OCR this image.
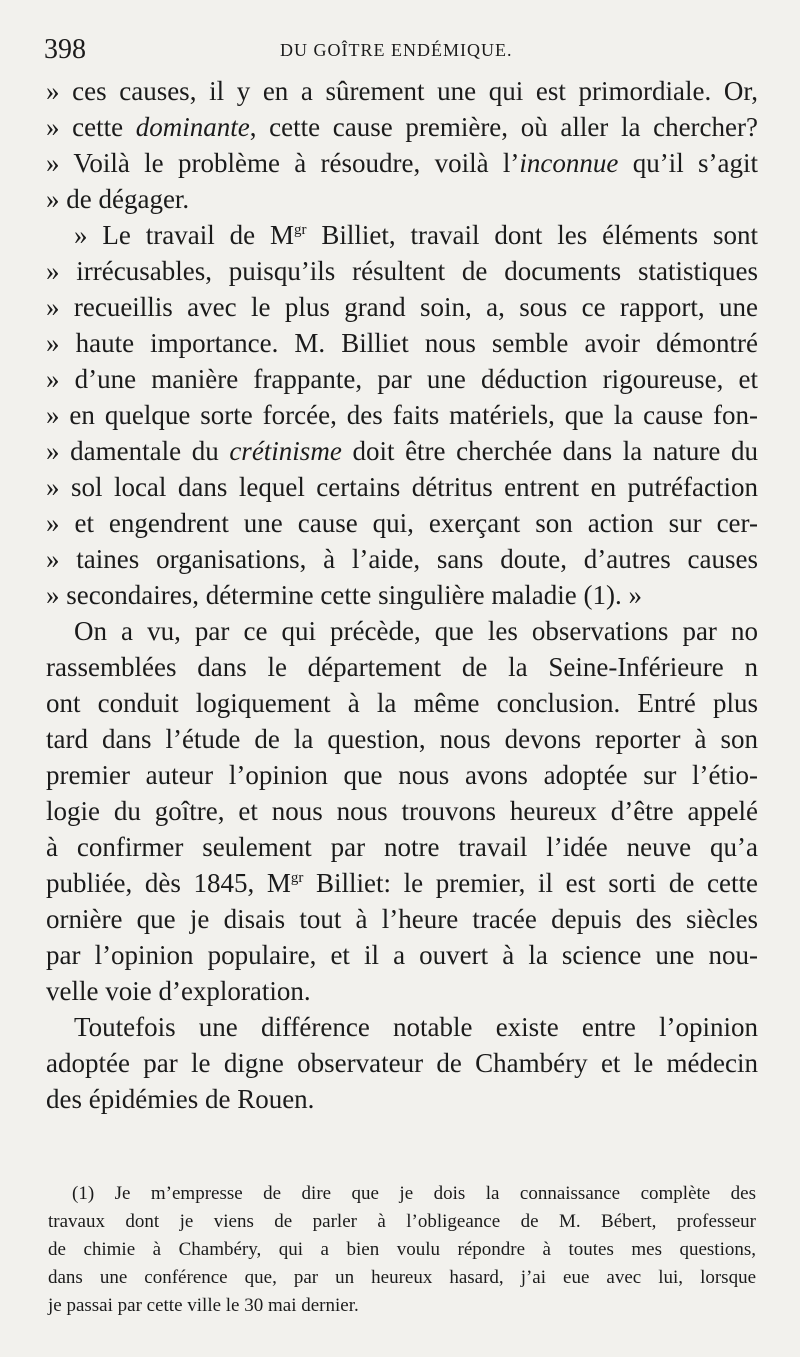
398	DU GOÎTRE ENDÉMIQUE.
» ces causes, il y en a sûrement une qui est primordiale. Or,
» cette dominante, cette cause première, où aller la chercher?
» Voilà le problème à résoudre, voilà l’inconnue qu’il s’agit
» de dégager.
» Le travail de $M^{gr}$ Billiet, travail dont les éléments sont
» irrécusables, puisqu’ils résultent de documents statistiques
» recueillis avec le plus grand soin, a, sous ce rapport, une
» haute importance. M. Billiet nous semble avoir démontré
» d’une manière frappante, par une déduction rigoureuse, et
» en quelque sorte forcée, des faits matériels, que la cause fon-
» damentale du crétinisme doit être cherchée dans la nature du
» sol local dans lequel certains détritus entrent en putréfaction
» et engendrent une cause qui, exerçant son action sur cer-
» taines organisations, à l’aide, sans doute, d’autres causes
» secondaires, détermine cette singulière maladie (1). »
On a vu, par ce qui précède, que les observations par no
rassemblées dans le département de la Seine-Inférieure n
ont conduit logiquement à la même conclusion. Entré plus
tard dans l’étude de la question, nous devons reporter à son
premier auteur l’opinion que nous avons adoptée sur l’étio-
logie du goître, et nous nous trouvons heureux d’être appelé
à confirmer seulement par notre travail l’idée neuve qu’a
publiée, dès 1845, $M^{gr}$ Billiet: le premier, il est sorti de cette
ornière que je disais tout à l’heure tracée depuis des siècles
par l’opinion populaire, et il a ouvert à la science une nou-
velle voie d’exploration.
Toutefois une différence notable existe entre l’opinion
adoptée par le digne observateur de Chambéry et le médecin
des épidémies de Rouen.
(1) Je m’empresse de dire que je dois la connaissance complète des
travaux dont je viens de parler à l’obligeance de M. Bébert, professeur
de chimie à Chambéry, qui a bien voulu répondre à toutes mes questions,
dans une conférence que, par un heureux hasard, j’ai eue avec lui, lorsque
je passai par cette ville le 30 mai dernier.
